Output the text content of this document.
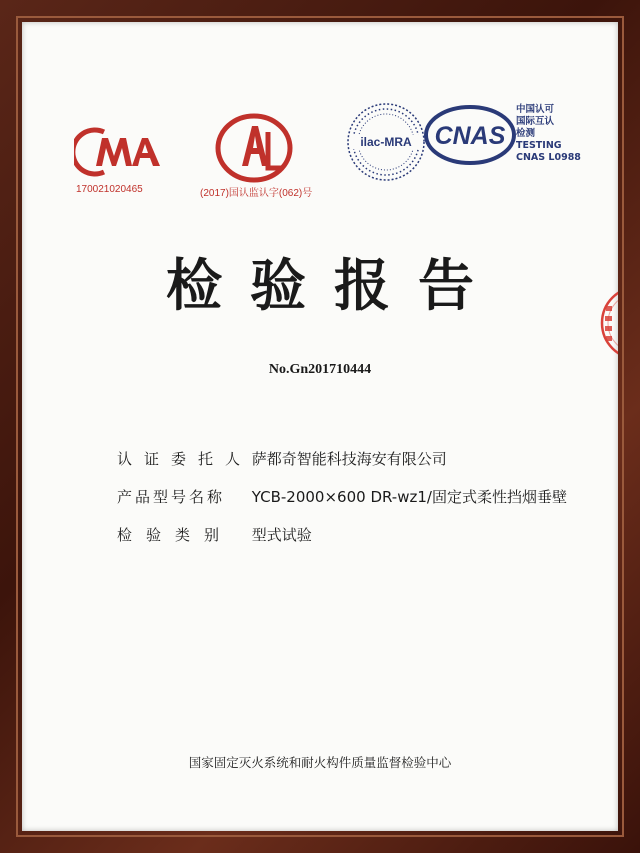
170021020465	(2017)国认监认字(062)号
ilac-MRA CNAS
中国认可
国际互认
检测
TESTING
CNAS L0988
检验报告
No.Gn201710444
认证委托人 萨都奇智能科技海安有限公司
产品型号名称 YCB-2000×600 DR-wz1/固定式柔性挡烟垂壁
检验类别 型式试验
国家固定灭火系统和耐火构件质量监督检验中心
